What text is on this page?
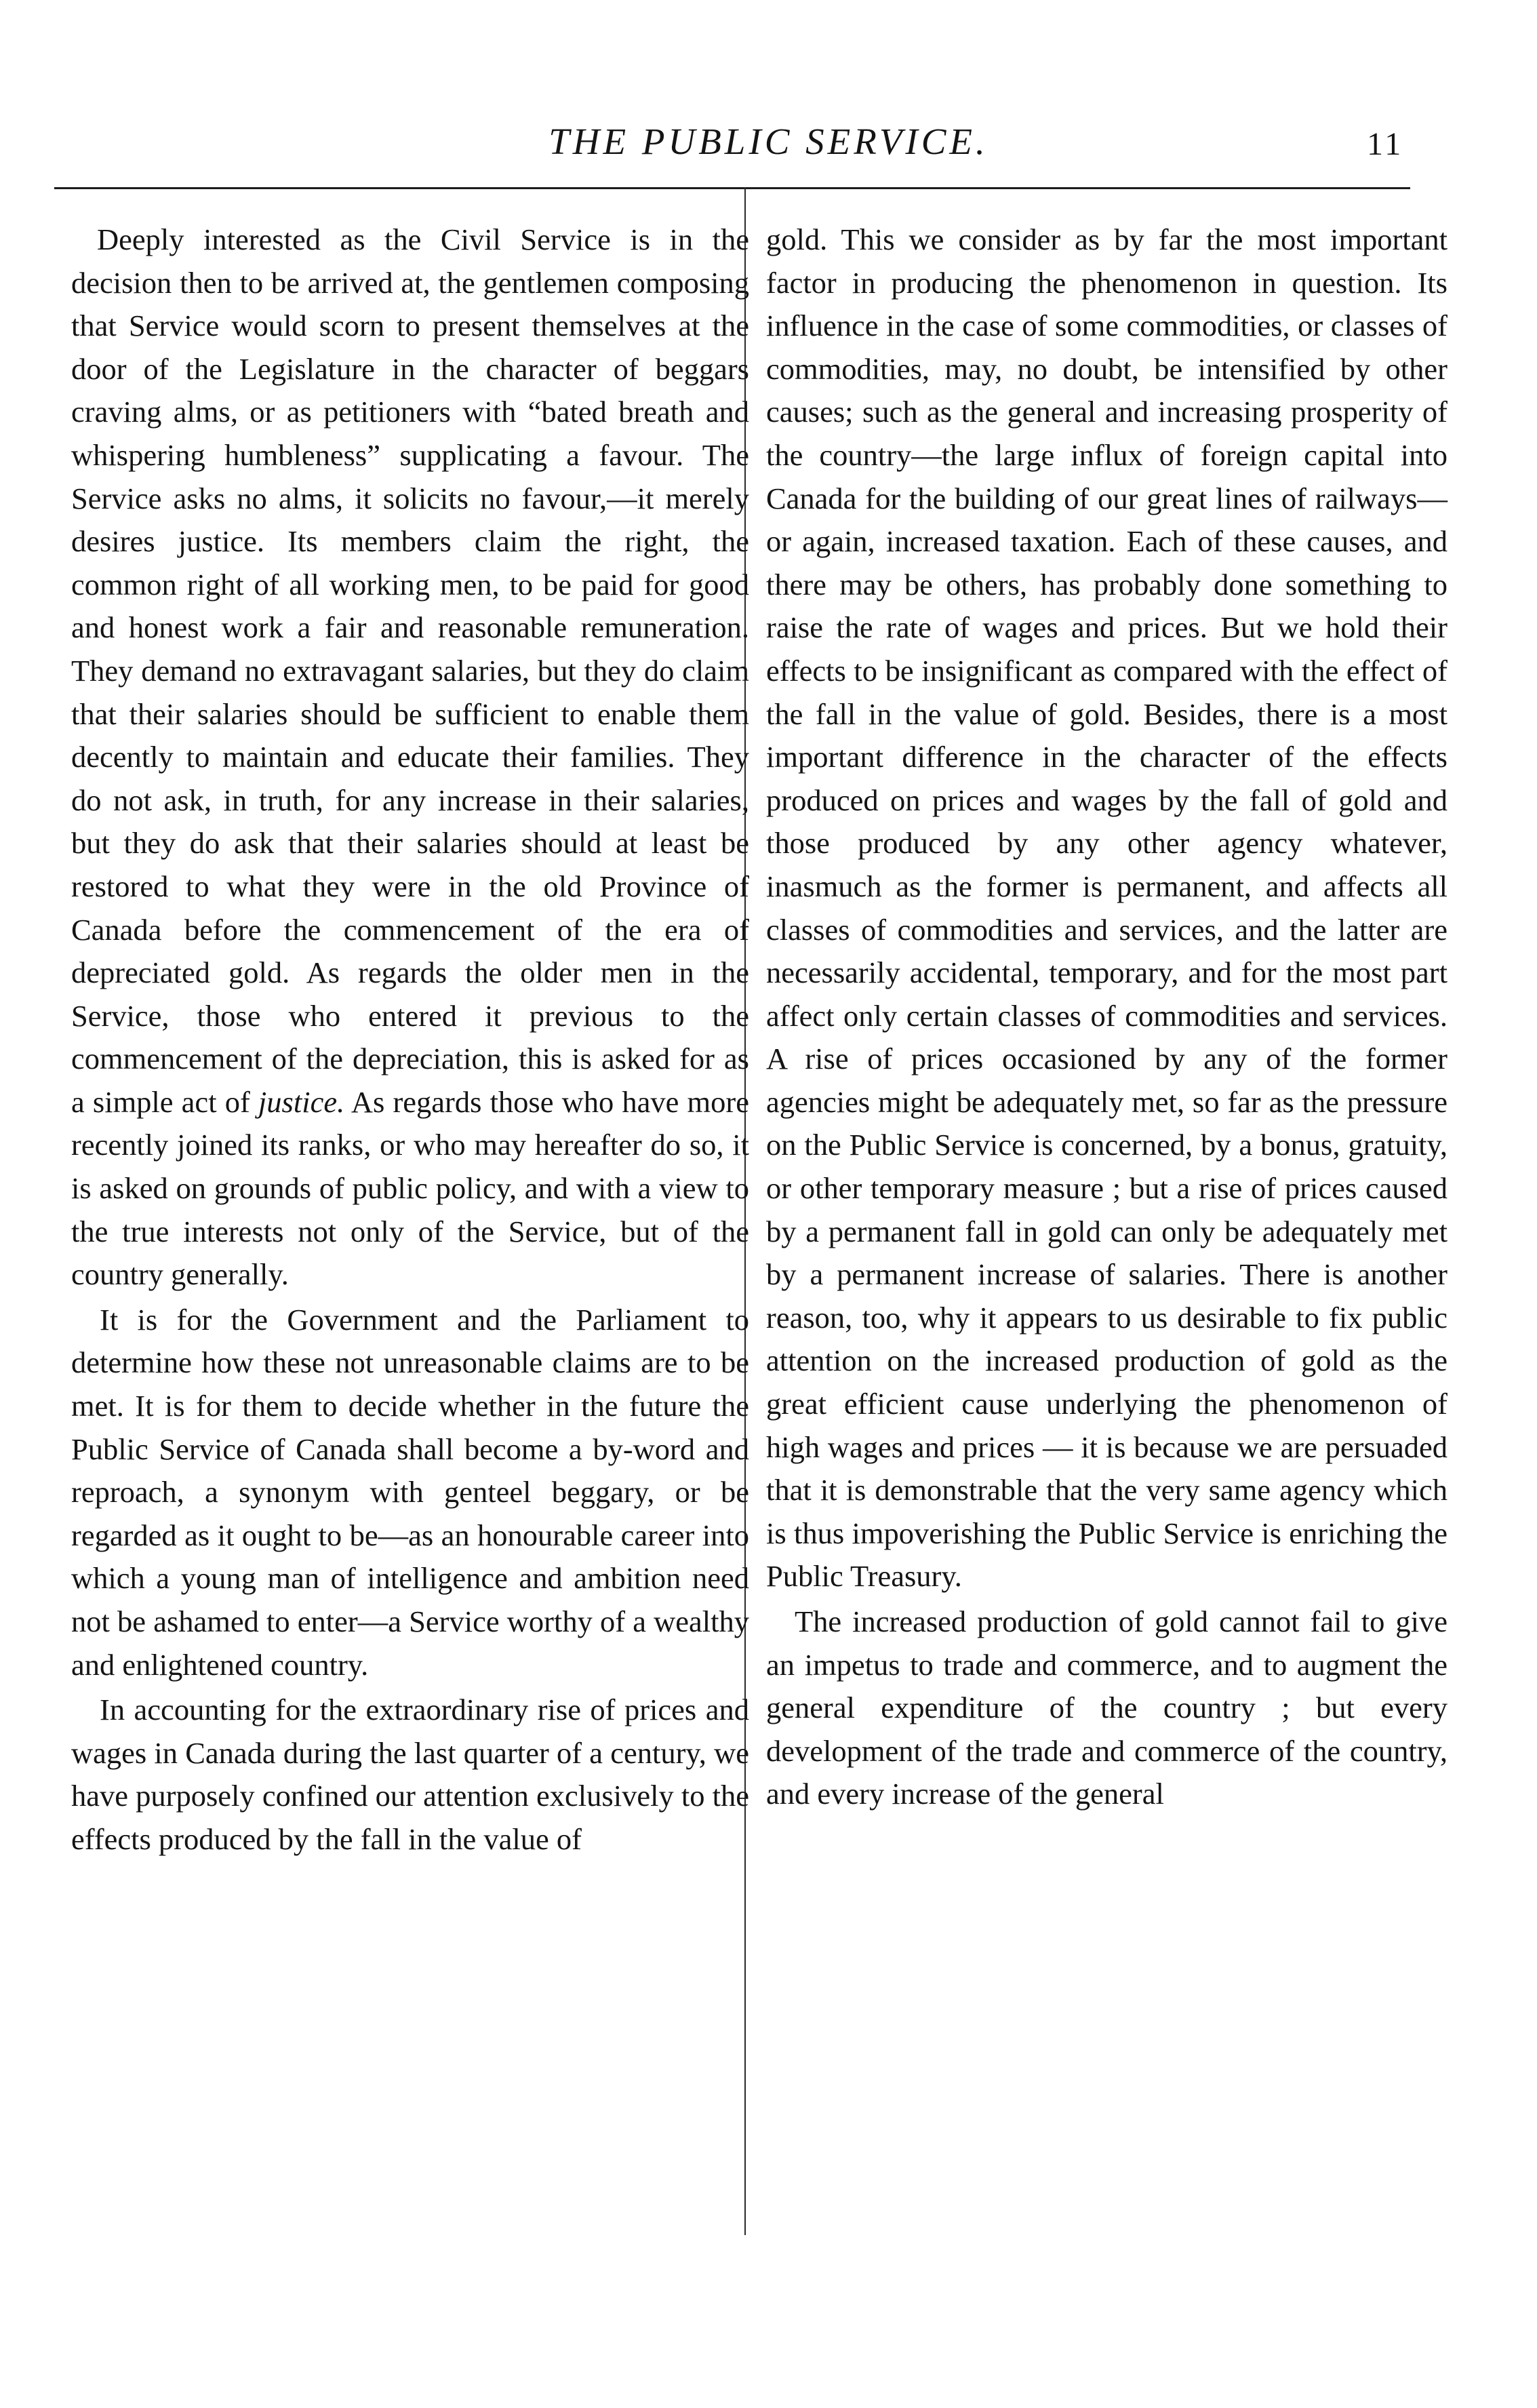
THE PUBLIC SERVICE.	11

Deeply interested as the Civil Service is in the decision then to be arrived at, the gentlemen composing that Service would scorn to present themselves at the door of the Legislature in the character of beggars craving alms, or as petitioners with “bated breath and whispering humbleness” supplicating a favour. The Service asks no alms, it solicits no favour,—it merely desires justice. Its members claim the right, the common right of all working men, to be paid for good and honest work a fair and reasonable remuneration. They demand no extravagant salaries, but they do claim that their salaries should be sufficient to enable them decently to maintain and educate their families. They do not ask, in truth, for any increase in their salaries, but they do ask that their salaries should at least be restored to what they were in the old Province of Canada before the commencement of the era of depreciated gold. As regards the older men in the Service, those who entered it previous to the commencement of the depreciation, this is asked for as a simple act of justice. As regards those who have more recently joined its ranks, or who may hereafter do so, it is asked on grounds of public policy, and with a view to the true interests not only of the Service, but of the country generally.

It is for the Government and the Parliament to determine how these not unreasonable claims are to be met. It is for them to decide whether in the future the Public Service of Canada shall become a by-word and reproach, a synonym with genteel beggary, or be regarded as it ought to be—as an honourable career into which a young man of intelligence and ambition need not be ashamed to enter—a Service worthy of a wealthy and enlightened country.

In accounting for the extraordinary rise of prices and wages in Canada during the last quarter of a century, we have purposely confined our attention exclusively to the effects produced by the fall in the value of

gold. This we consider as by far the most important factor in producing the phenomenon in question. Its influence in the case of some commodities, or classes of commodities, may, no doubt, be intensified by other causes; such as the general and increasing prosperity of the country—the large influx of foreign capital into Canada for the building of our great lines of railways—or again, increased taxation. Each of these causes, and there may be others, has probably done something to raise the rate of wages and prices. But we hold their effects to be insignificant as compared with the effect of the fall in the value of gold. Besides, there is a most important difference in the character of the effects produced on prices and wages by the fall of gold and those produced by any other agency whatever, inasmuch as the former is permanent, and affects all classes of commodities and services, and the latter are necessarily accidental, temporary, and for the most part affect only certain classes of commodities and services. A rise of prices occasioned by any of the former agencies might be adequately met, so far as the pressure on the Public Service is concerned, by a bonus, gratuity, or other temporary measure ; but a rise of prices caused by a permanent fall in gold can only be adequately met by a permanent increase of salaries. There is another reason, too, why it appears to us desirable to fix public attention on the increased production of gold as the great efficient cause underlying the phenomenon of high wages and prices — it is because we are persuaded that it is demonstrable that the very same agency which is thus impoverishing the Public Service is enriching the Public Treasury.

The increased production of gold cannot fail to give an impetus to trade and commerce, and to augment the general expenditure of the country ; but every development of the trade and commerce of the country, and every increase of the general
